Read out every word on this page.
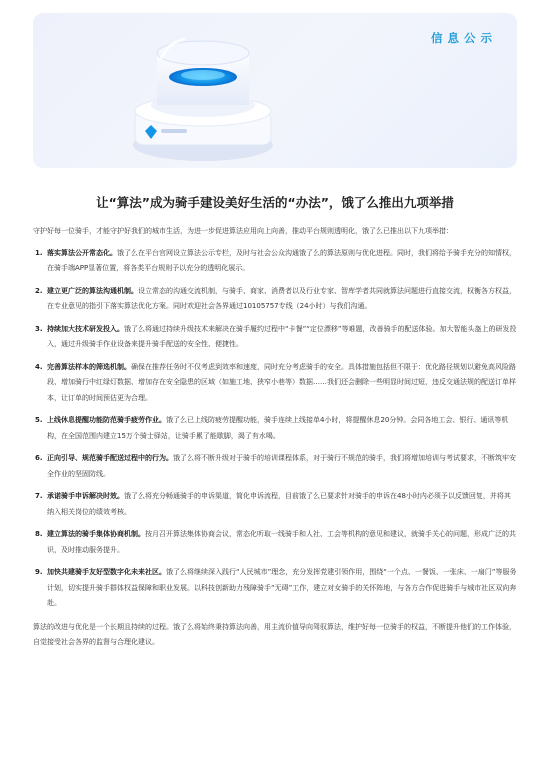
信息公示
让“算法”成为骑手建设美好生活的“办法”，饿了么推出九项举措

守护好每一位骑手，才能守护好我们的城市生活，为进一步促进算法应用向上向善，推动平台规则透明化，饿了么已推出以下九项举措：

1. 落实算法公开常态化。饿了么在平台官网设立算法公示专栏，及时与社会公众沟通饿了么的算法原则与优化进程。同时，我们将给予骑手充分的知情权，在骑手端APP显著位置，将各类平台规则予以充分的透明化展示。
2. 建立更广泛的算法沟通机制。设立常态的沟通交流机制，与骑手、商家、消费者以及行业专家、智库学者共同就算法问题进行直接交流，权衡各方权益，在专业意见的指引下落实算法优化方案。同时欢迎社会各界通过10105757专线（24小时）与我们沟通。
3. 持续加大技术研发投入。饿了么将通过持续升级技术来解决在骑手履约过程中“卡餐”“定位漂移”等难题，改善骑手的配送体验。加大智能头盔上的研发投入，通过升级骑手作业设备来提升骑手配送的安全性、便捷性。
4. 完善算法样本的筛选机制。确保在推荐任务时不仅考虑到效率和速度，同时充分考虑骑手的安全。具体措施包括但不限于：优化路径规划以避免高风险路段、增加骑行中红绿灯数据、增加存在安全隐患的区域（如施工地、狭窄小巷等）数据……我们还会删除一些明显时间过短，违反交通法规的配送订单样本，让订单的时间预估更为合理。
5. 上线休息提醒功能防范骑手疲劳作业。饿了么已上线防疲劳提醒功能，骑手连续上线接单4小时，将提醒休息20分钟。会同各地工会、银行、通讯等机构，在全国范围内建立15万个骑士驿站，让骑手累了能歇脚，渴了有水喝。
6. 正向引导、规范骑手配送过程中的行为。饿了么将不断升级对于骑手的培训课程体系，对于骑行不规范的骑手，我们将增加培训与考试要求，不断筑牢安全作业的坚固防线。
7. 承诺骑手申诉解决时效。饿了么将充分畅通骑手的申诉渠道，简化申诉流程，目前饿了么已要求针对骑手的申诉在48小时内必须予以反馈回复，并将其纳入相关岗位的绩效考核。
8. 建立算法的骑手集体协商机制。按月召开算法集体协商会议，常态化听取一线骑手和人社、工会等机构的意见和建议，就骑手关心的问题，形成广泛的共识，及时推动服务提升。
9. 加快共建骑手友好型数字化未来社区。饿了么将继续深入践行“人民城市”理念，充分发挥党建引领作用，围绕“一个点、一餐饭、一张床、一扇门”等服务计划，切实提升骑手群体权益保障和职业发展。以科技创新助力残障骑手“无碍”工作，建立对女骑手的关怀阵地，与各方合作促进骑手与城市社区双向奔赴。

算法的改进与优化是一个长期且持续的过程。饿了么将始终秉持算法向善，用主流价值导向驾驭算法，维护好每一位骑手的权益，不断提升他们的工作体验，自觉接受社会各界的监督与合理化建议。
